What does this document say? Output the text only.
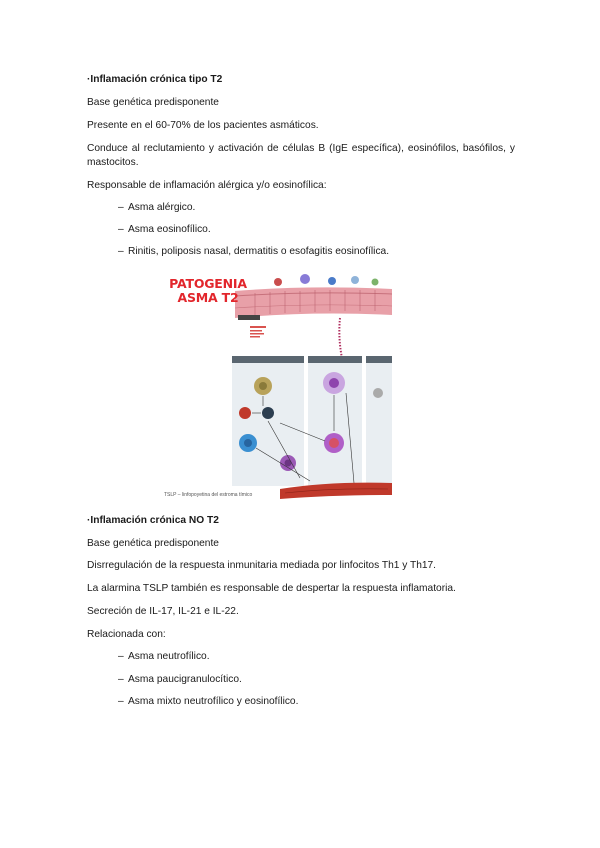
·Inflamación crónica tipo T2

Base genética predisponente

Presente en el 60-70% de los pacientes asmáticos.

Conduce al reclutamiento y activación de células B (IgE específica), eosinófilos, basófilos, y mastocitos.

Responsable de inflamación alérgica y/o eosinofílica:

– Asma alérgico.
– Asma eosinofílico.
– Rinitis, poliposis nasal, dermatitis o esofagitis eosinofílica.
PATOGENIA
ASMA T2
TSLP – linfopoyetina del estroma tímico

·Inflamación crónica NO T2

Base genética predisponente

Disrregulación de la respuesta inmunitaria mediada por linfocitos Th1 y Th17.

La alarmina TSLP también es responsable de despertar la respuesta inflamatoria.

Secreción de IL-17, IL-21 e IL-22.

Relacionada con:

– Asma neutrofílico.
– Asma paucigranulocítico.
– Asma mixto neutrofílico y eosinofílico.
